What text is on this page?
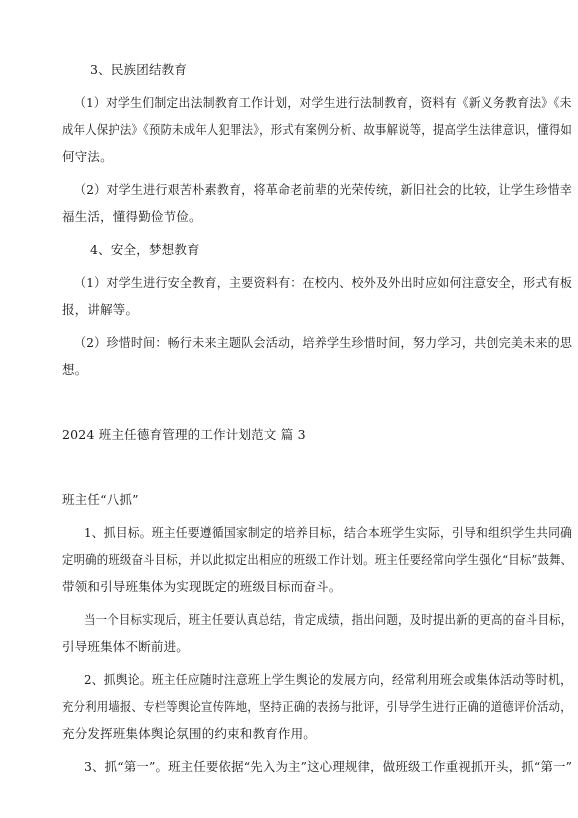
3、民族团结教育
（1）对学生们制定出法制教育工作计划，对学生进行法制教育，资料有《新义务教育法》《未
成年人保护法》《预防未成年人犯罪法》，形式有案例分析、故事解说等，提高学生法律意识，懂得如
何守法。
（2）对学生进行艰苦朴素教育，将革命老前辈的光荣传统，新旧社会的比较，让学生珍惜幸
福生活，懂得勤俭节俭。
4、安全，梦想教育
（1）对学生进行安全教育，主要资料有：在校内、校外及外出时应如何注意安全，形式有板
报，讲解等。
（2）珍惜时间：畅行未来主题队会活动，培养学生珍惜时间，努力学习，共创完美未来的思
想。
2024 班主任德育管理的工作计划范文 篇 3
班主任“八抓”
1、抓目标。班主任要遵循国家制定的培养目标，结合本班学生实际，引导和组织学生共同确
定明确的班级奋斗目标，并以此拟定出相应的班级工作计划。班主任要经常向学生强化“目标”鼓舞、
带领和引导班集体为实现既定的班级目标而奋斗。
当一个目标实现后，班主任要认真总结，肯定成绩，指出问题，及时提出新的更高的奋斗目标，
引导班集体不断前进。
2、抓舆论。班主任应随时注意班上学生舆论的发展方向，经常利用班会或集体活动等时机，
充分利用墙报、专栏等舆论宣传阵地，坚持正确的表扬与批评，引导学生进行正确的道德评价活动，
充分发挥班集体舆论氛围的约束和教育作用。
3、抓“第一”。班主任要依据“先入为主”这心理规律，做班级工作重视抓开头，抓“第一”
